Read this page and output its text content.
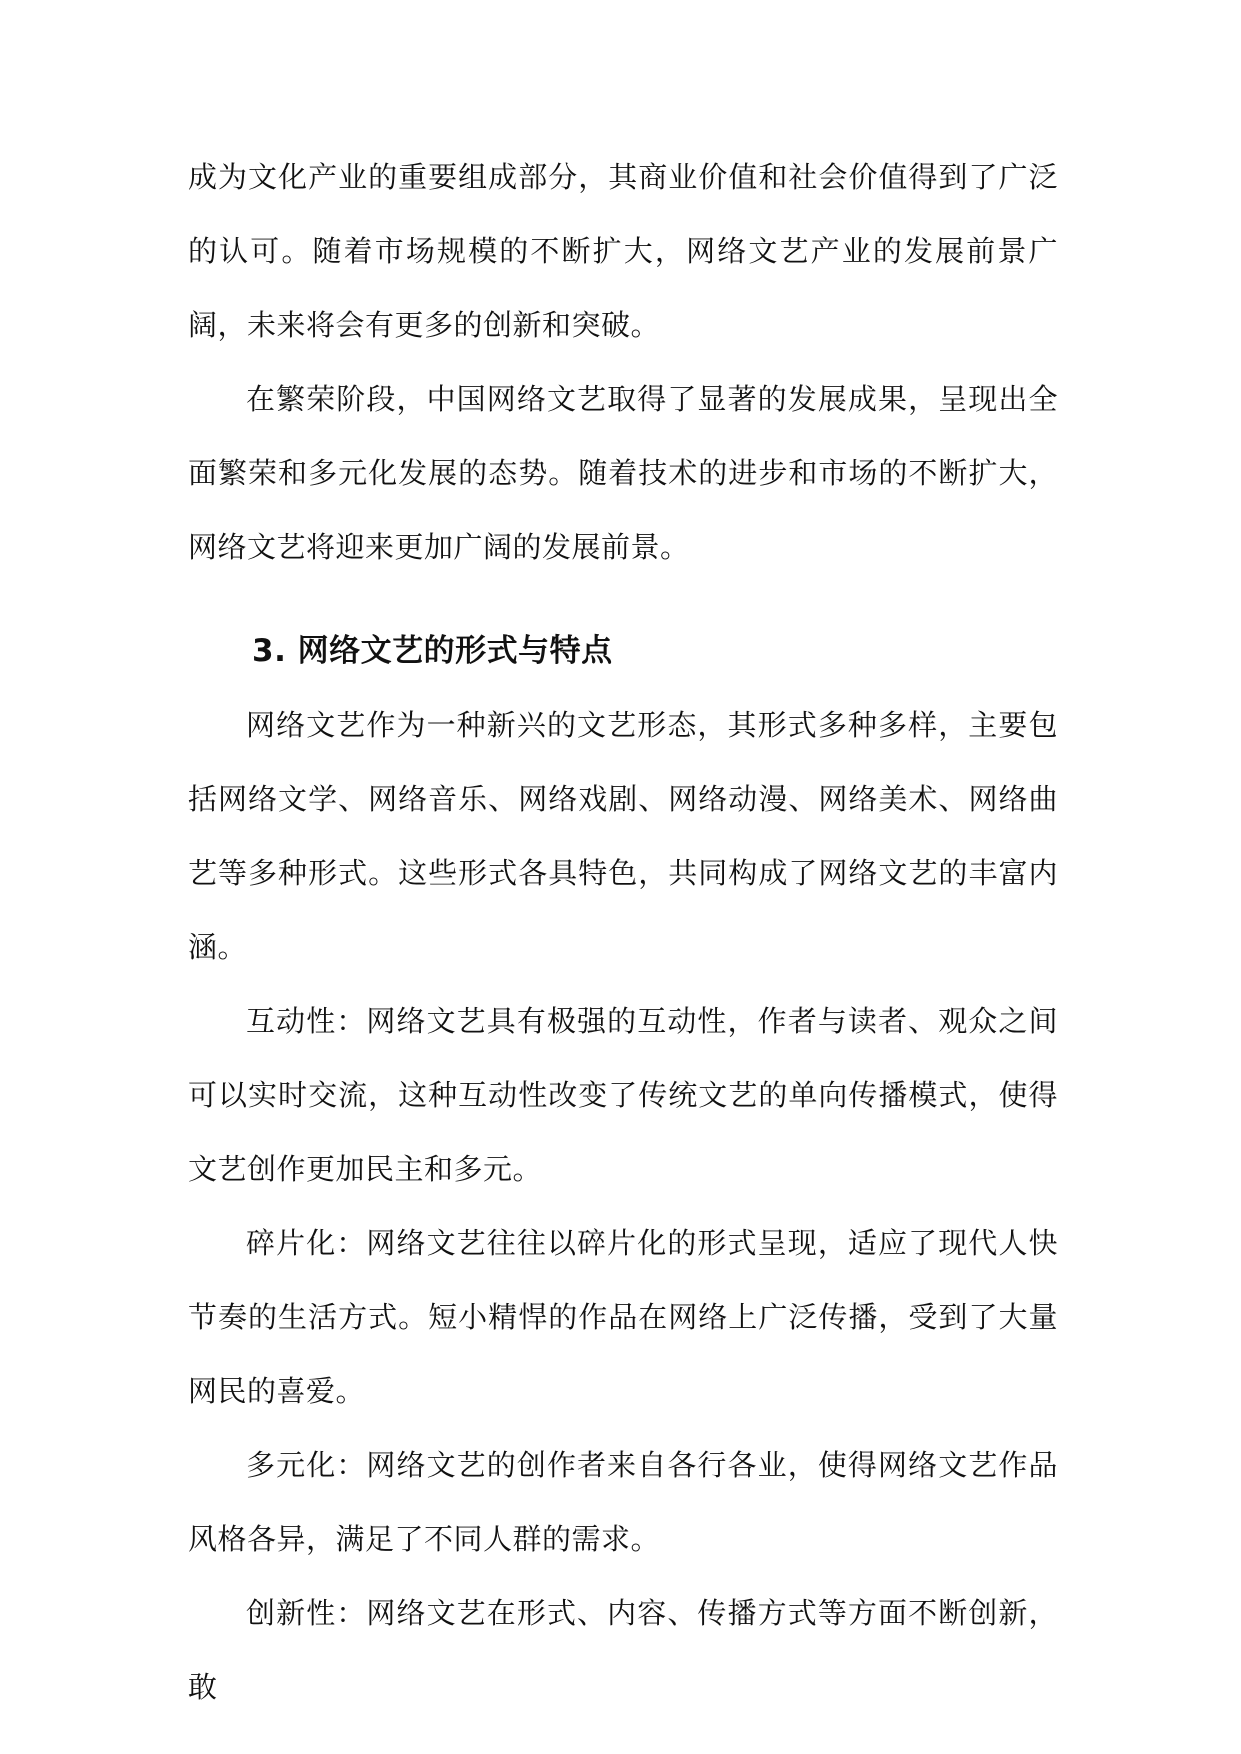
成为文化产业的重要组成部分，其商业价值和社会价值得到了广泛的认可。随着市场规模的不断扩大，网络文艺产业的发展前景广阔，未来将会有更多的创新和突破。

在繁荣阶段，中国网络文艺取得了显著的发展成果，呈现出全面繁荣和多元化发展的态势。随着技术的进步和市场的不断扩大，网络文艺将迎来更加广阔的发展前景。

3. 网络文艺的形式与特点

网络文艺作为一种新兴的文艺形态，其形式多种多样，主要包括网络文学、网络音乐、网络戏剧、网络动漫、网络美术、网络曲艺等多种形式。这些形式各具特色，共同构成了网络文艺的丰富内涵。

互动性：网络文艺具有极强的互动性，作者与读者、观众之间可以实时交流，这种互动性改变了传统文艺的单向传播模式，使得文艺创作更加民主和多元。

碎片化：网络文艺往往以碎片化的形式呈现，适应了现代人快节奏的生活方式。短小精悍的作品在网络上广泛传播，受到了大量网民的喜爱。

多元化：网络文艺的创作者来自各行各业，使得网络文艺作品风格各异，满足了不同人群的需求。

创新性：网络文艺在形式、内容、传播方式等方面不断创新，敢
